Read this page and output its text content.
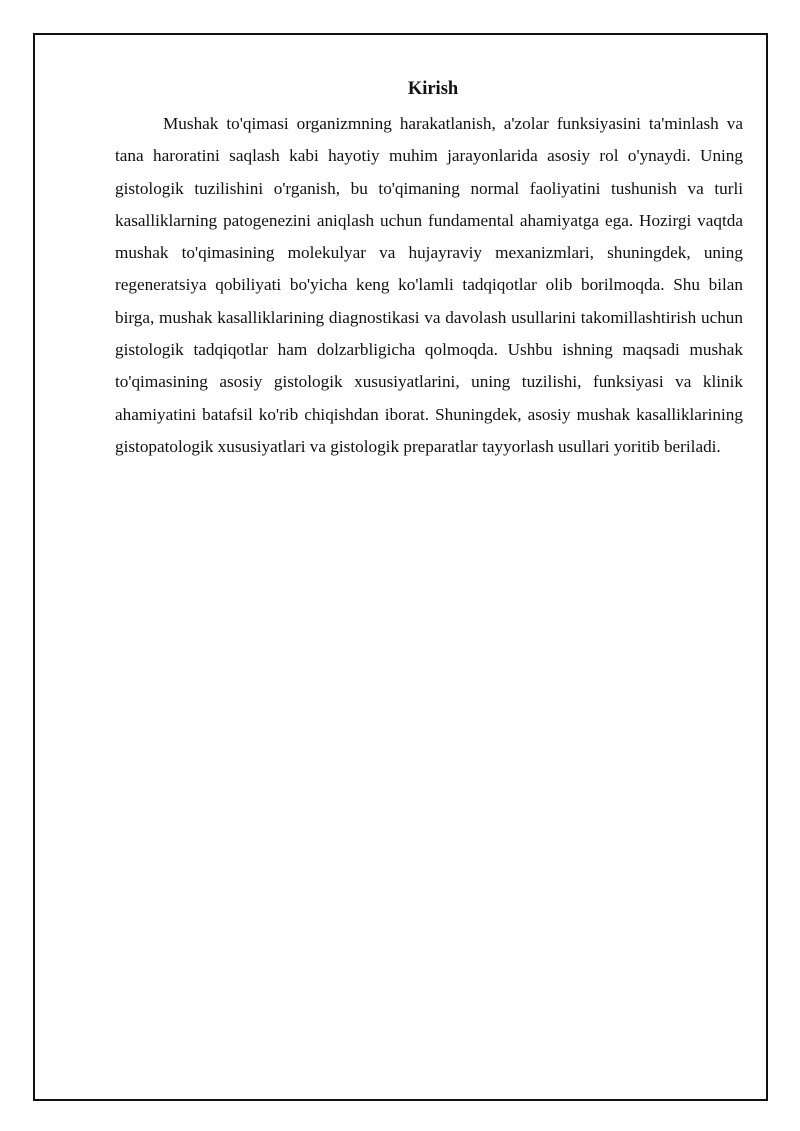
Kirish

Mushak to'qimasi organizmning harakatlanish, a'zolar funksiyasini ta'minlash va tana haroratini saqlash kabi hayotiy muhim jarayonlarida asosiy rol o'ynaydi. Uning gistologik tuzilishini o'rganish, bu to'qimaning normal faoliyatini tushunish va turli kasalliklarning patogenezini aniqlash uchun fundamental ahamiyatga ega. Hozirgi vaqtda mushak to'qimasining molekulyar va hujayraviy mexanizmlari, shuningdek, uning regeneratsiya qobiliyati bo'yicha keng ko'lamli tadqiqotlar olib borilmoqda. Shu bilan birga, mushak kasalliklarining diagnostikasi va davolash usullarini takomillashtirish uchun gistologik tadqiqotlar ham dolzarbligicha qolmoqda. Ushbu ishning maqsadi mushak to'qimasining asosiy gistologik xususiyatlarini, uning tuzilishi, funksiyasi va klinik ahamiyatini batafsil ko'rib chiqishdan iborat. Shuningdek, asosiy mushak kasalliklarining gistopatologik xususiyatlari va gistologik preparatlar tayyorlash usullari yoritib beriladi.
